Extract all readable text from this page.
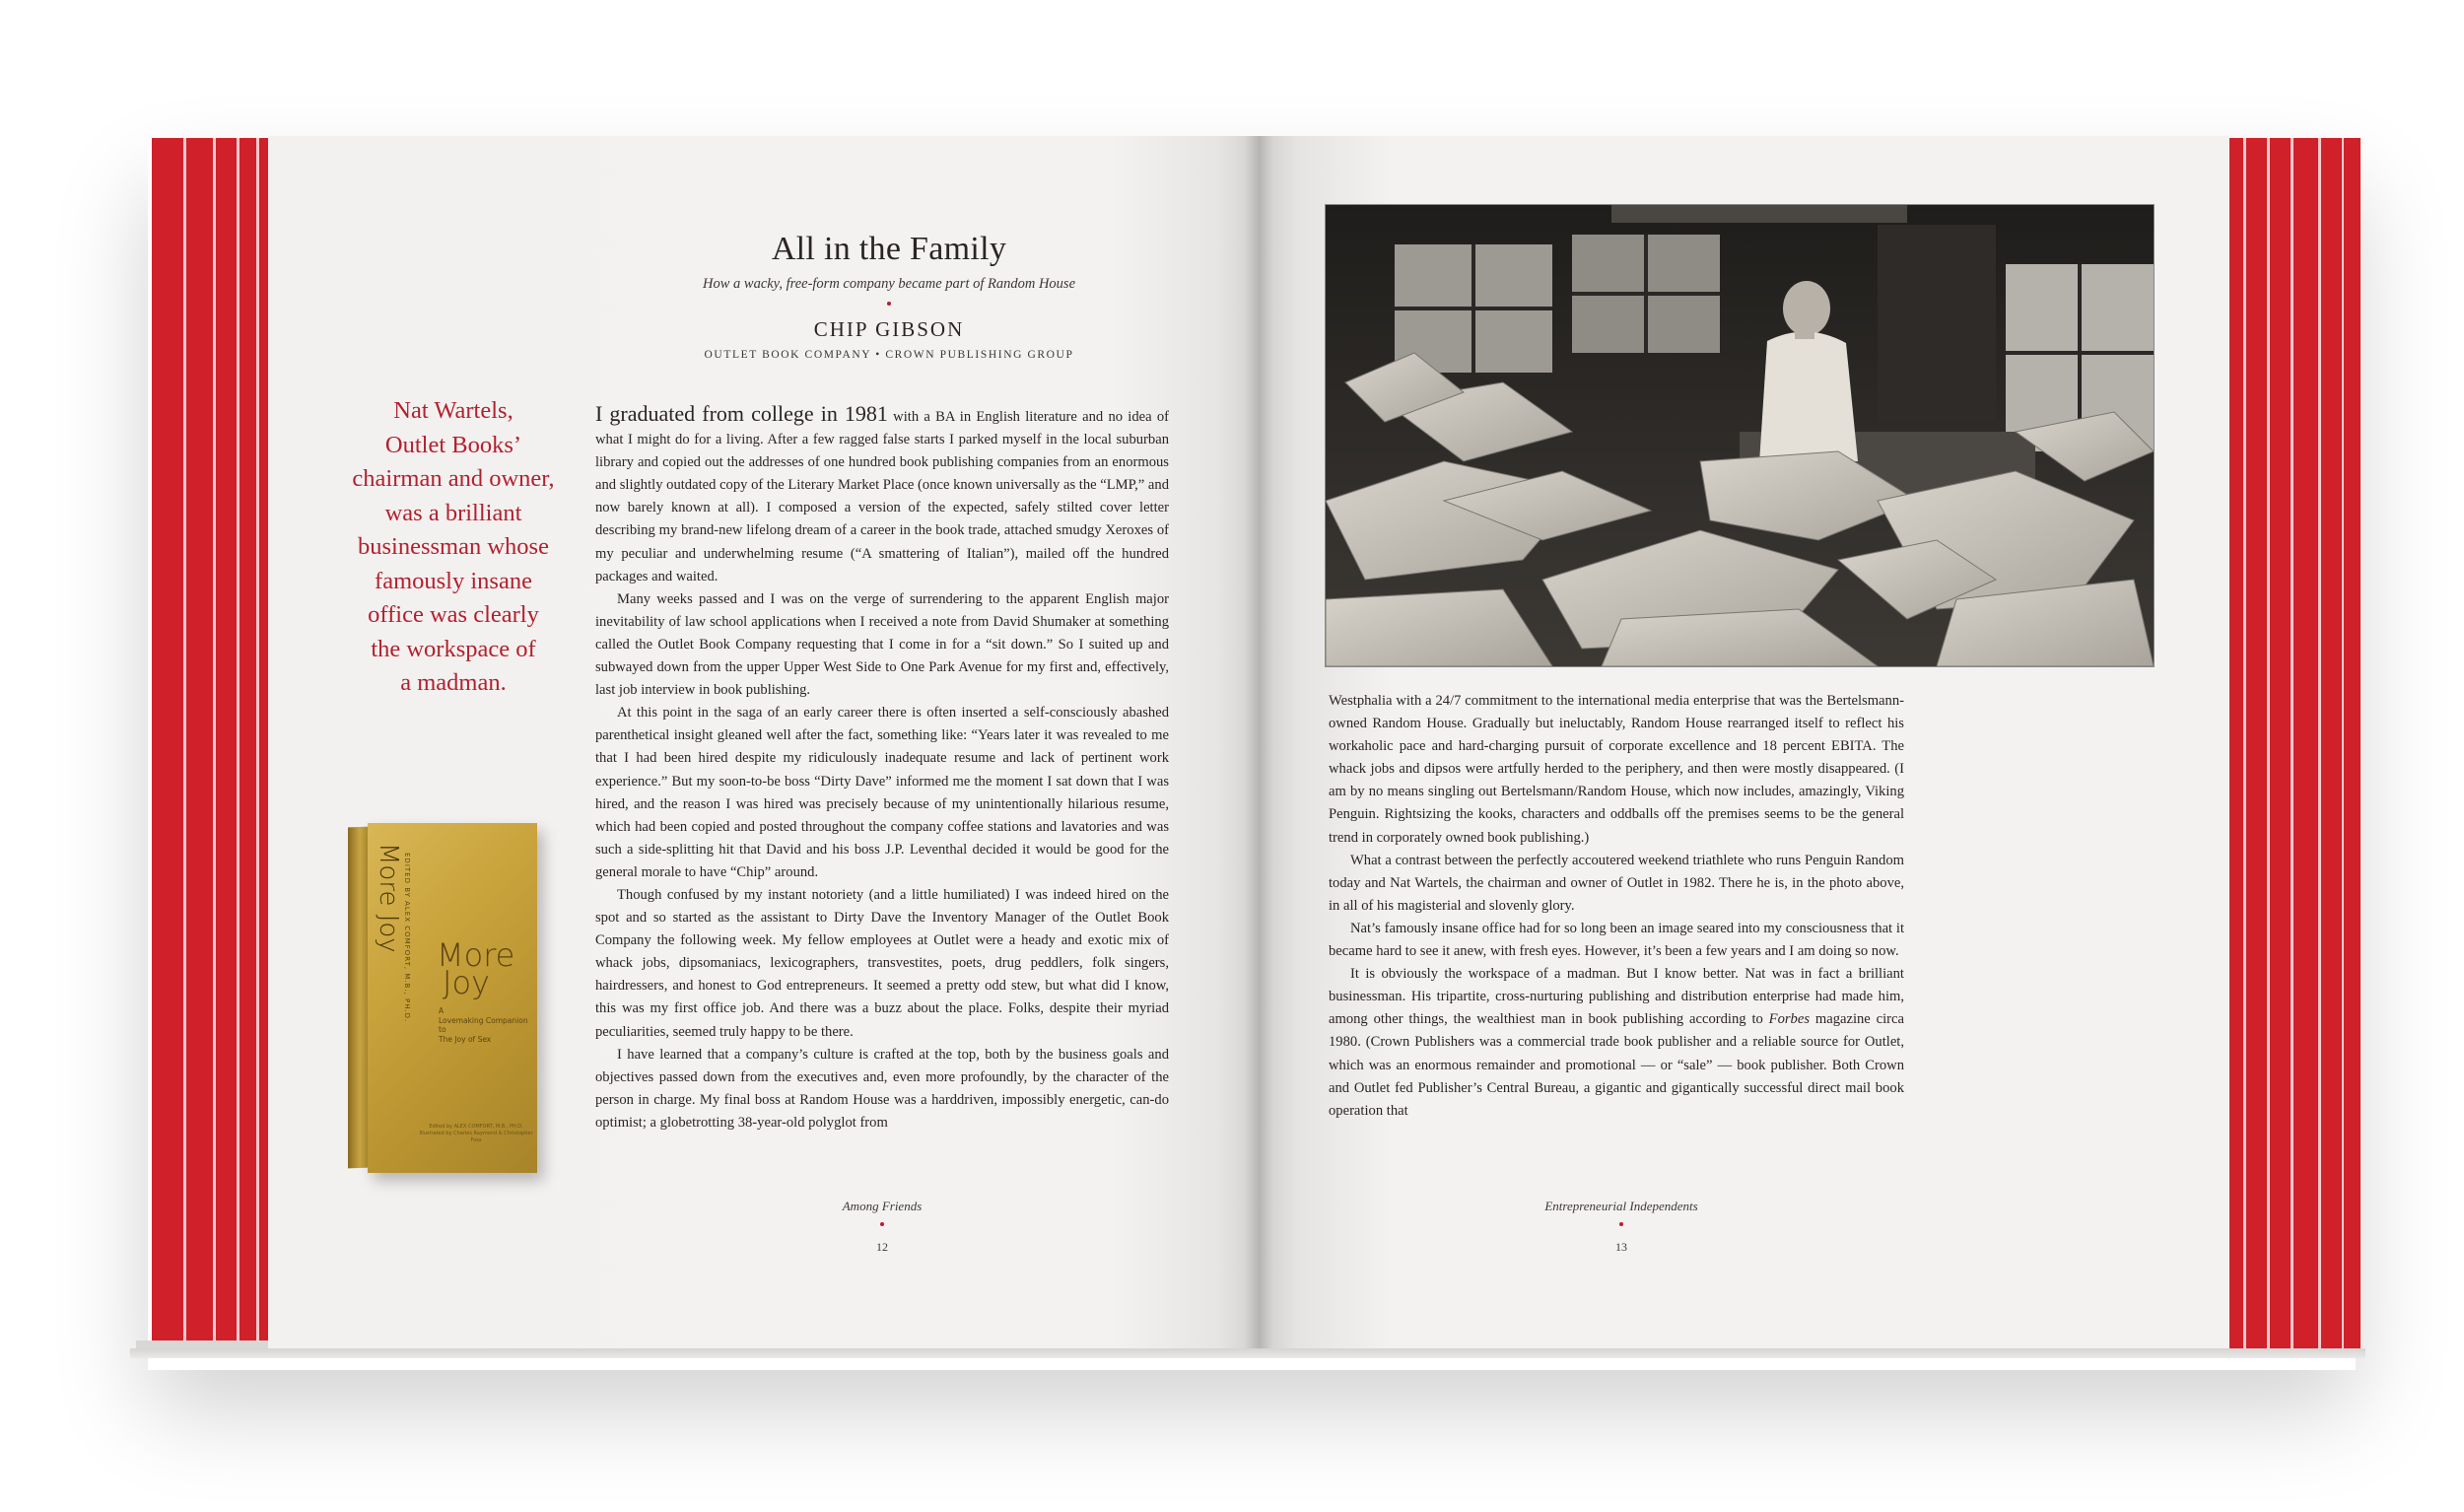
All in the Family
How a wacky, free-form company became part of Random House
CHIP GIBSON
OUTLET BOOK COMPANY • CROWN PUBLISHING GROUP
Nat Wartels,
Outlet Books’
chairman and owner,
was a brilliant
businessman whose
famously insane
office was clearly
the workspace of
a madman.

I graduated from college in 1981 with a BA in English literature and no idea of what I might do for a living. After a few ragged false starts I parked myself in the local suburban library and copied out the addresses of one hundred book publishing companies from an enormous and slightly outdated copy of the Literary Market Place (once known universally as the “LMP,” and now barely known at all). I composed a version of the expected, safely stilted cover letter describing my brand-new lifelong dream of a career in the book trade, attached smudgy Xeroxes of my peculiar and underwhelming resume (“A smattering of Italian”), mailed off the hundred packages and waited.

Many weeks passed and I was on the verge of surrendering to the apparent English major inevitability of law school applications when I received a note from David Shumaker at something called the Outlet Book Company requesting that I come in for a “sit down.” So I suited up and subwayed down from the upper Upper West Side to One Park Avenue for my first and, effectively, last job interview in book publishing.

At this point in the saga of an early career there is often inserted a self-consciously abashed parenthetical insight gleaned well after the fact, something like: “Years later it was revealed to me that I had been hired despite my ridiculously inadequate resume and lack of pertinent work experience.” But my soon-to-be boss “Dirty Dave” informed me the moment I sat down that I was hired, and the reason I was hired was precisely because of my unintentionally hilarious resume, which had been copied and posted throughout the company coffee stations and lavatories and was such a side-splitting hit that David and his boss J.P. Leventhal decided it would be good for the general morale to have “Chip” around.

Though confused by my instant notoriety (and a little humiliated) I was indeed hired on the spot and so started as the assistant to Dirty Dave the Inventory Manager of the Outlet Book Company the following week. My fellow employees at Outlet were a heady and exotic mix of whack jobs, dipsomaniacs, lexicographers, transvestites, poets, drug peddlers, folk singers, hairdressers, and honest to God entrepreneurs. It seemed a pretty odd stew, but what did I know, this was my first office job. And there was a buzz about the place. Folks, despite their myriad peculiarities, seemed truly happy to be there.

I have learned that a company’s culture is crafted at the top, both by the business goals and objectives passed down from the executives and, even more profoundly, by the character of the person in charge. My final boss at Random House was a harddriven, impossibly energetic, can-do optimist; a globetrotting 38-year-old polyglot from

More Joy EDITED BY ALEX COMFORT, M.B., PH.D. More
Joy
A
Lovemaking Companion to
The Joy of Sex
Edited by ALEX COMFORT, M.B., PH.D. Illustrated by Charles Raymond & Christopher Foss
Among Friends
12

Westphalia with a 24/7 commitment to the international media enterprise that was the Bertelsmann-owned Random House. Gradually but ineluctably, Random House rearranged itself to reflect his workaholic pace and hard-charging pursuit of corporate excellence and 18 percent EBITA. The whack jobs and dipsos were artfully herded to the periphery, and then were mostly disappeared. (I am by no means singling out Bertelsmann/Random House, which now includes, amazingly, Viking Penguin. Rightsizing the kooks, characters and oddballs off the premises seems to be the general trend in corporately owned book publishing.)

What a contrast between the perfectly accoutered weekend triathlete who runs Penguin Random today and Nat Wartels, the chairman and owner of Outlet in 1982. There he is, in the photo above, in all of his magisterial and slovenly glory.

Nat’s famously insane office had for so long been an image seared into my consciousness that it became hard to see it anew, with fresh eyes. However, it’s been a few years and I am doing so now.

It is obviously the workspace of a madman. But I know better. Nat was in fact a brilliant businessman. His tripartite, cross-nurturing publishing and distribution enterprise had made him, among other things, the wealthiest man in book publishing according to Forbes magazine circa 1980. (Crown Publishers was a commercial trade book publisher and a reliable source for Outlet, which was an enormous remainder and promotional — or “sale” — book publisher. Both Crown and Outlet fed Publisher’s Central Bureau, a gigantic and gigantically successful direct mail book operation that

Entrepreneurial Independents
13
